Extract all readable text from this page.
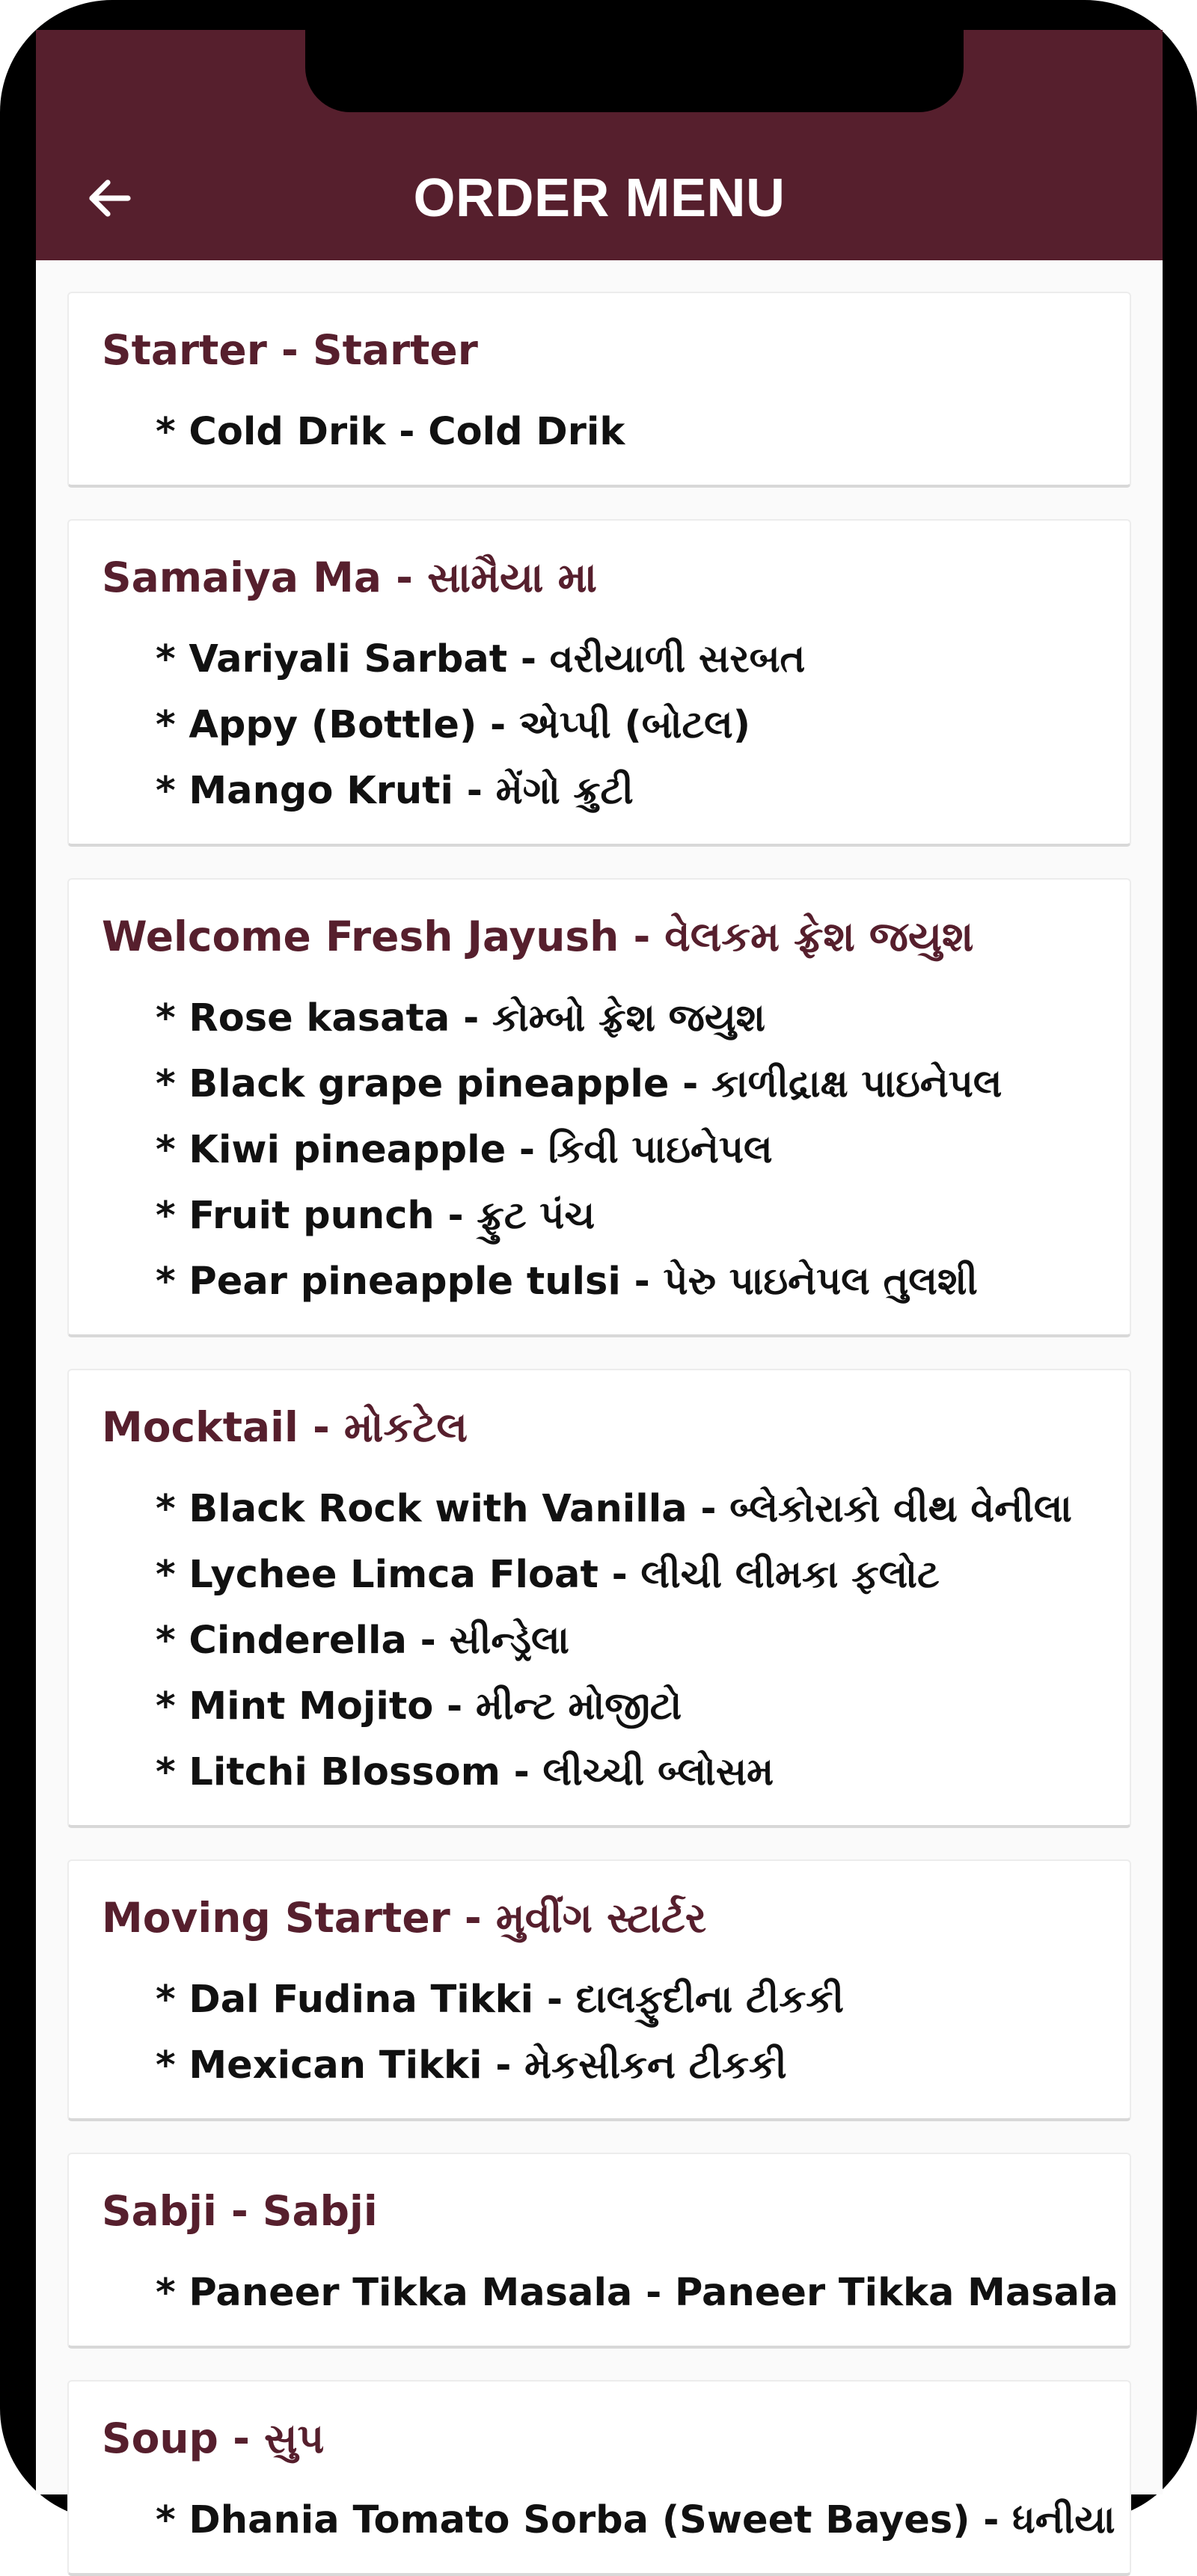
ORDER MENU
Starter - Starter
* Cold Drik - Cold Drik
Samaiya Ma - સામૈયા મા
* Variyali Sarbat - વરીયાળી સરબત
* Appy (Bottle) - એપ્પી (બોટલ)
* Mango Kruti - મેંગો ક્રુટી
Welcome Fresh Jayush - વેલકમ ફ્રેશ જયુશ
* Rose kasata - કોમ્બો ફ્રેશ જયુશ
* Black grape pineapple - કાળીદ્રાક્ષ પાઇનેપલ
* Kiwi pineapple - કિવી પાઇનેપલ
* Fruit punch - ફ્રુટ પંચ
* Pear pineapple tulsi - પેરુ પાઇનેપલ તુલશી
Mocktail - મોકટેલ
* Black Rock with Vanilla - બ્લેકોરાકો વીથ વેનીલા
* Lychee Limca Float - લીચી લીમકા ફલોટ
* Cinderella - સીન્ડ્રેલા
* Mint Mojito - મીન્ટ મોજીટો
* Litchi Blossom - લીચ્ચી બ્લોસમ
Moving Starter - મુવીંગ સ્ટાર્ટર
* Dal Fudina Tikki - દાલફુદીના ટીકકી
* Mexican Tikki - મેકસીકન ટીકકી
Sabji - Sabji
* Paneer Tikka Masala - Paneer Tikka Masala
Soup - સુપ
* Dhania Tomato Sorba (Sweet Bayes) - ધનીયા
